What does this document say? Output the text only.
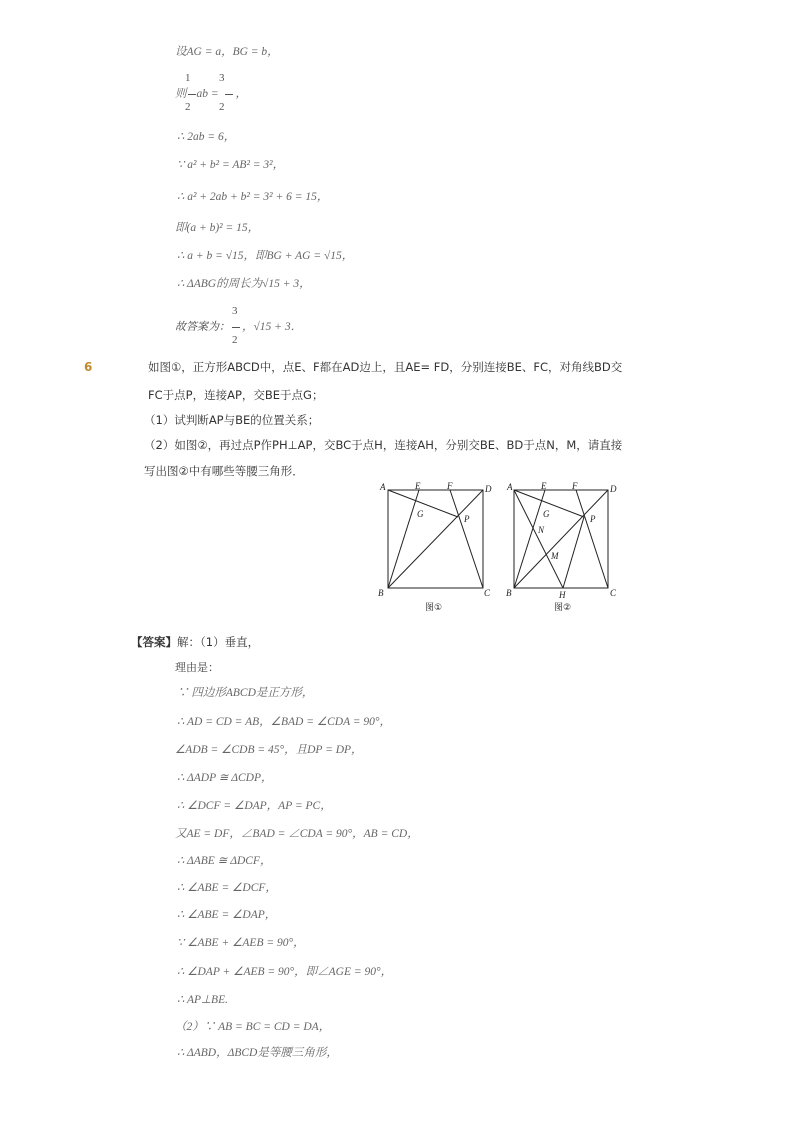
设AG = a，BG = b，
1
2
3
2
则 ab = ，
∴ 2ab = 6，
∵ a² + b² = AB² = 3²，
∴ a² + 2ab + b² = 3² + 6 = 15，
即(a + b)² = 15，
∴ a + b = √15，即BG + AG = √15，
∴ ΔABG的周长为√15 + 3，
3
2
故答案为： ，√15 + 3．
6	如图①，正方形ABCD中，点E、F都在AD边上，且AE= FD，分别连接BE、FC，对角线BD交
FC于点P，连接AP，交BE于点G；
（1）试判断AP与BE的位置关系；
（2）如图②，再过点P作PH⊥AP，交BC于点H，连接AH，分别交BE、BD于点N，M，请直接
写出图②中有哪些等腰三角形．
A	E	F	D
G	P
B	C
图①
A	E	F	D
G	P
N
M
B	H	C
图②
【答案】解：（1）垂直，
理由是：
∵ 四边形ABCD是正方形，
∴ AD = CD = AB，∠BAD = ∠CDA = 90°，
∠ADB = ∠CDB = 45°，且DP = DP，
∴ ΔADP ≅ ΔCDP，
∴ ∠DCF = ∠DAP，AP = PC，
又AE = DF，∠BAD = ∠CDA = 90°，AB = CD，
∴ ΔABE ≅ ΔDCF，
∴ ∠ABE = ∠DCF，
∴ ∠ABE = ∠DAP，
∵ ∠ABE + ∠AEB = 90°，
∴ ∠DAP + ∠AEB = 90°，即∠AGE = 90°，
∴ AP⊥BE.
（2）∵ AB = BC = CD = DA，
∴ ΔABD，ΔBCD是等腰三角形，
